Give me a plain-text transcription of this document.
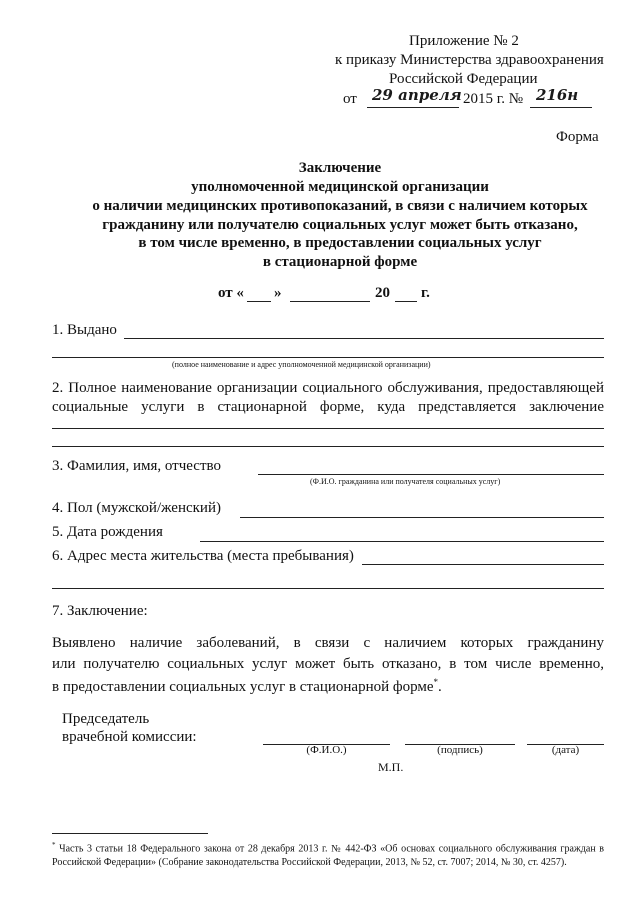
Приложение № 2
к приказу Министерства здравоохранения
Российской Федерации
от 29 апреля 2015 г. № 216н
Форма
Заключение
уполномоченной медицинской организации
о наличии медицинских противопоказаний, в связи с наличием которых
гражданину или получателю социальных услуг может быть отказано,
в том числе временно, в предоставлении социальных услуг
в стационарной форме
от « »	20 г.
1. Выдано
(полное наименование и адрес уполномоченной медицинской организации)
2. Полное наименование организации социального обслуживания, предоставляющей
социальные услуги в стационарной форме, куда представляется заключение
3. Фамилия, имя, отчество
(Ф.И.О. гражданина или получателя социальных услуг)
4. Пол (мужской/женский)
5. Дата рождения
6. Адрес места жительства (места пребывания)
7. Заключение:
Выявлено наличие заболеваний, в связи с наличием которых гражданину
или получателю социальных услуг может быть отказано, в том числе временно,
в предоставлении социальных услуг в стационарной форме*.
Председатель
врачебной комиссии:
(Ф.И.О.)	(подпись)	(дата)
М.П.
* Часть 3 статьи 18 Федерального закона от 28 декабря 2013 г. № 442-ФЗ «Об основах социального обслуживания граждан в Российской Федерации» (Собрание законодательства Российской Федерации, 2013, № 52, ст. 7007; 2014, № 30, ст. 4257).
